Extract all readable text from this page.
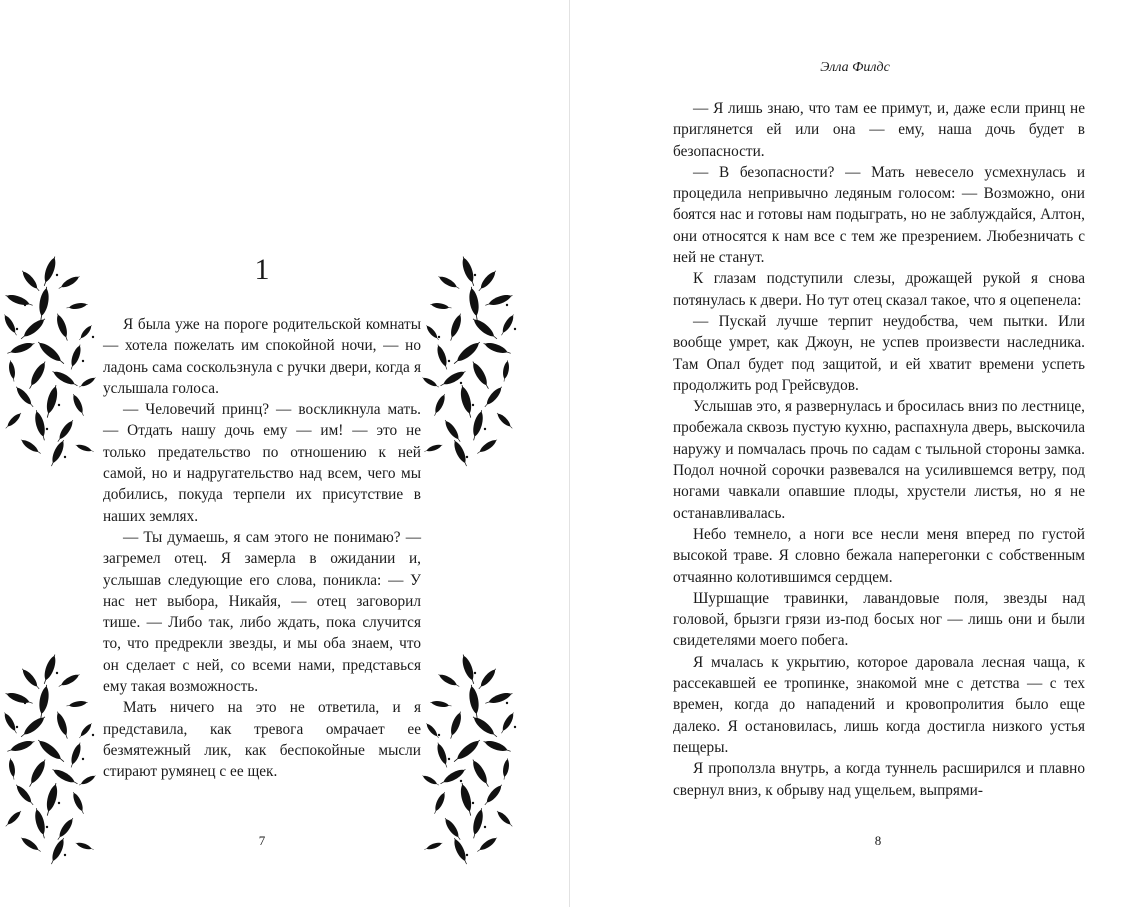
1

Я была уже на пороге родительской комнаты — хотела пожелать им спокойной ночи, — но ладонь сама соскользнула с ручки двери, когда я услышала голоса.

— Человечий принц? — воскликнула мать. — Отдать нашу дочь ему — им! — это не только предательство по отношению к ней самой, но и надругательство над всем, чего мы добились, покуда терпели их присутствие в наших землях.

— Ты думаешь, я сам этого не понимаю? — загремел отец. Я замерла в ожидании и, услышав следующие его слова, поникла: — У нас нет выбора, Никайя, — отец заговорил тише. — Либо так, либо ждать, пока случится то, что предрекли звезды, и мы оба знаем, что он сделает с ней, со всеми нами, представься ему такая возможность.

Мать ничего на это не ответила, и я представила, как тревога омрачает ее безмятежный лик, как беспокойные мысли стирают румянец с ее щек.

7
Элла Филдс

— Я лишь знаю, что там ее примут, и, даже если принц не приглянется ей или она — ему, наша дочь будет в безопасности.

— В безопасности? — Мать невесело усмехнулась и процедила непривычно ледяным голосом: — Возможно, они боятся нас и готовы нам подыграть, но не заблуждайся, Алтон, они относятся к нам все с тем же презрением. Любезничать с ней не станут.

К глазам подступили слезы, дрожащей рукой я снова потянулась к двери. Но тут отец сказал такое, что я оцепенела:

— Пускай лучше терпит неудобства, чем пытки. Или вообще умрет, как Джоун, не успев произвести наследника. Там Опал будет под защитой, и ей хватит времени успеть продолжить род Грейсвудов.

Услышав это, я развернулась и бросилась вниз по лестнице, пробежала сквозь пустую кухню, распахнула дверь, выскочила наружу и помчалась прочь по садам с тыльной стороны замка. Подол ночной сорочки развевался на усилившемся ветру, под ногами чавкали опавшие плоды, хрустели листья, но я не останавливалась.

Небо темнело, а ноги все несли меня вперед по густой высокой траве. Я словно бежала наперегонки с собственным отчаянно колотившимся сердцем.

Шуршащие травинки, лавандовые поля, звезды над головой, брызги грязи из-под босых ног — лишь они и были свидетелями моего побега.

Я мчалась к укрытию, которое даровала лесная чаща, к рассекавшей ее тропинке, знакомой мне с детства — с тех времен, когда до нападений и кровопролития было еще далеко. Я остановилась, лишь когда достигла низкого устья пещеры.

Я проползла внутрь, а когда туннель расширился и плавно свернул вниз, к обрыву над ущельем, выпрями-

8
